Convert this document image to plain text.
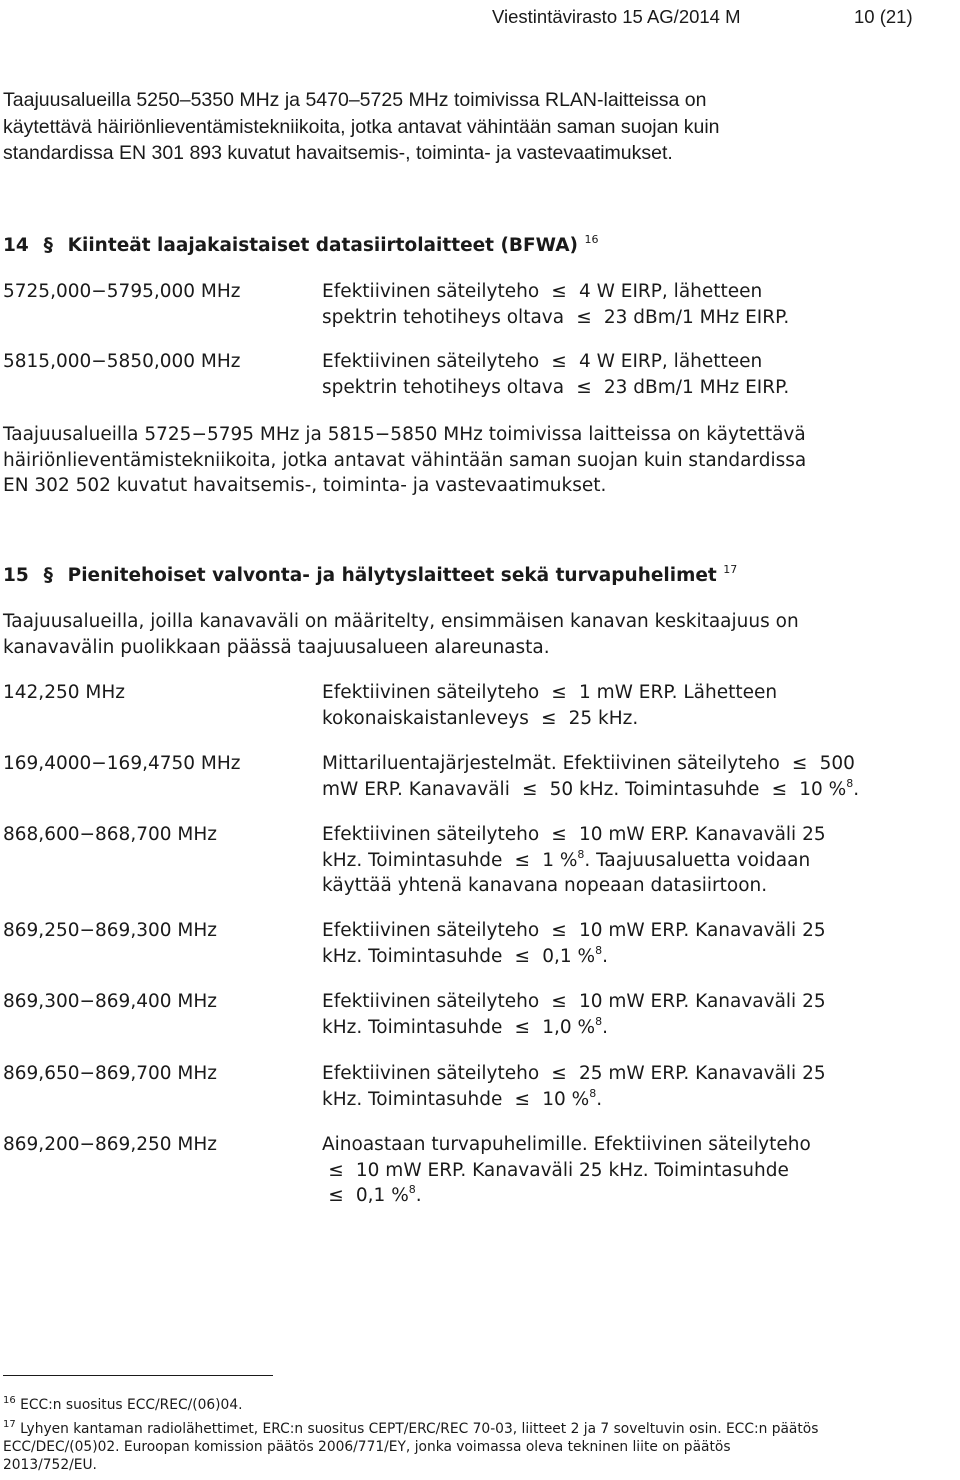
Viestintävirasto 15 AG/2014 M	10 (21)
Taajuusalueilla 5250–5350 MHz ja 5470–5725 MHz toimivissa RLAN-laitteissa on
käytettävä häiriönlieventämistekniikoita, jotka antavat vähintään saman suojan kuin
standardissa EN 301 893 kuvatut havaitsemis-, toiminta- ja vastevaatimukset.
14 § Kiinteät laajakaistaiset datasiirtolaitteet (BFWA) $^{16}$
5725,000−5795,000 MHz	Efektiivinen säteilyteho ≤ 4 W EIRP, lähetteen
spektrin tehotiheys oltava ≤ 23 dBm/1 MHz EIRP.
5815,000−5850,000 MHz	Efektiivinen säteilyteho ≤ 4 W EIRP, lähetteen
spektrin tehotiheys oltava ≤ 23 dBm/1 MHz EIRP.
Taajuusalueilla 5725−5795 MHz ja 5815−5850 MHz toimivissa laitteissa on käytettävä
häiriönlieventämistekniikoita, jotka antavat vähintään saman suojan kuin standardissa
EN 302 502 kuvatut havaitsemis-, toiminta- ja vastevaatimukset.
15 § Pienitehoiset valvonta- ja hälytyslaitteet sekä turvapuhelimet $^{17}$
Taajuusalueilla, joilla kanavaväli on määritelty, ensimmäisen kanavan keskitaajuus on
kanavavälin puolikkaan päässä taajuusalueen alareunasta.
142,250 MHz	Efektiivinen säteilyteho ≤ 1 mW ERP. Lähetteen
kokonaiskaistanleveys ≤ 25 kHz.
169,4000−169,4750 MHz	Mittariluentajärjestelmät. Efektiivinen säteilyteho ≤ 500
mW ERP. Kanavaväli ≤ 50 kHz. Toimintasuhde ≤ 10 %$^8$.
868,600−868,700 MHz	Efektiivinen säteilyteho ≤ 10 mW ERP. Kanavaväli 25
kHz. Toimintasuhde ≤ 1 %$^8$. Taajuusaluetta voidaan
käyttää yhtenä kanavana nopeaan datasiirtoon.
869,250−869,300 MHz	Efektiivinen säteilyteho ≤ 10 mW ERP. Kanavaväli 25
kHz. Toimintasuhde ≤ 0,1 %$^8$.
869,300−869,400 MHz	Efektiivinen säteilyteho ≤ 10 mW ERP. Kanavaväli 25
kHz. Toimintasuhde ≤ 1,0 %$^8$.
869,650−869,700 MHz	Efektiivinen säteilyteho ≤ 25 mW ERP. Kanavaväli 25
kHz. Toimintasuhde ≤ 10 %$^8$.
869,200−869,250 MHz	Ainoastaan turvapuhelimille. Efektiivinen säteilyteho
≤ 10 mW ERP. Kanavaväli 25 kHz. Toimintasuhde
≤ 0,1 %$^8$.
$^{16}$ ECC:n suositus ECC/REC/(06)04.
$^{17}$ Lyhyen kantaman radiolähettimet, ERC:n suositus CEPT/ERC/REC 70-03, liitteet 2 ja 7 soveltuvin osin. ECC:n päätös
ECC/DEC/(05)02. Euroopan komission päätös 2006/771/EY, jonka voimassa oleva tekninen liite on päätös
2013/752/EU.
